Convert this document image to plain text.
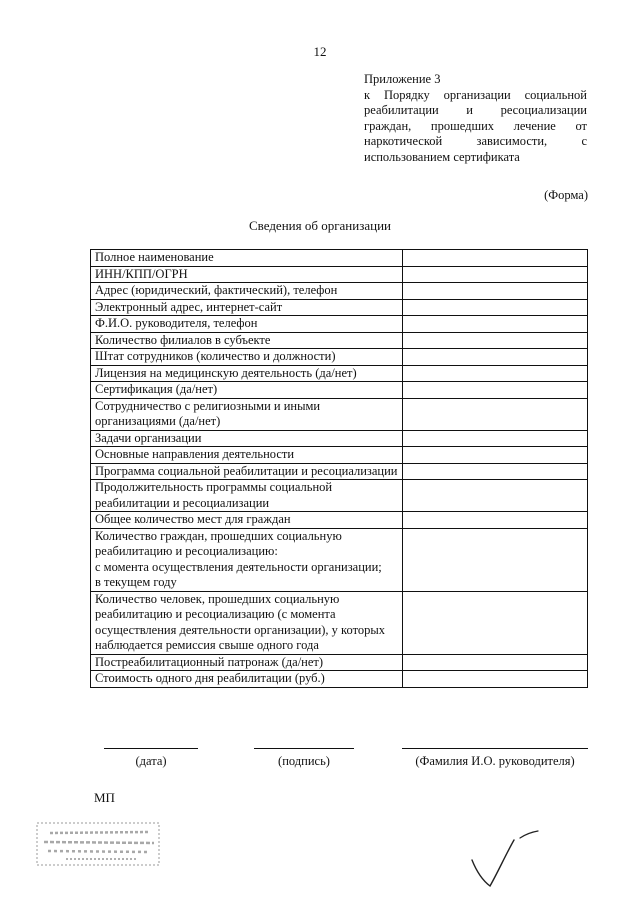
12
Приложение 3
к Порядку организации социальной реабилитации и ресоциализации граждан, прошедших лечение от наркотической зависимости, с использованием сертификата
(Форма)
Сведения об организации
Полное наименование	
ИНН/КПП/ОГРН	
Адрес (юридический, фактический), телефон	
Электронный адрес, интернет-сайт	
Ф.И.О. руководителя, телефон	
Количество филиалов в субъекте	
Штат сотрудников (количество и должности)	
Лицензия на медицинскую деятельность (да/нет)	
Сертификация (да/нет)	
Сотрудничество с религиозными и иными организациями (да/нет)	
Задачи организации	
Основные направления деятельности	
Программа социальной реабилитации и ресоциализации	
Продолжительность программы социальной реабилитации и ресоциализации	
Общее количество мест для граждан	

Количество граждан, прошедших социальную реабилитацию и ресоциализацию:
с момента осуществления деятельности организации;
в текущем году	

Количество человек, прошедших социальную реабилитацию и ресоциализацию (с момента осуществления деятельности организации), у которых наблюдается ремиссия свыше одного года	
Постреабилитационный патронаж (да/нет)	
Стоимость одного дня реабилитации (руб.)	
(дата)	(подпись)	(Фамилия И.О. руководителя)
МП
